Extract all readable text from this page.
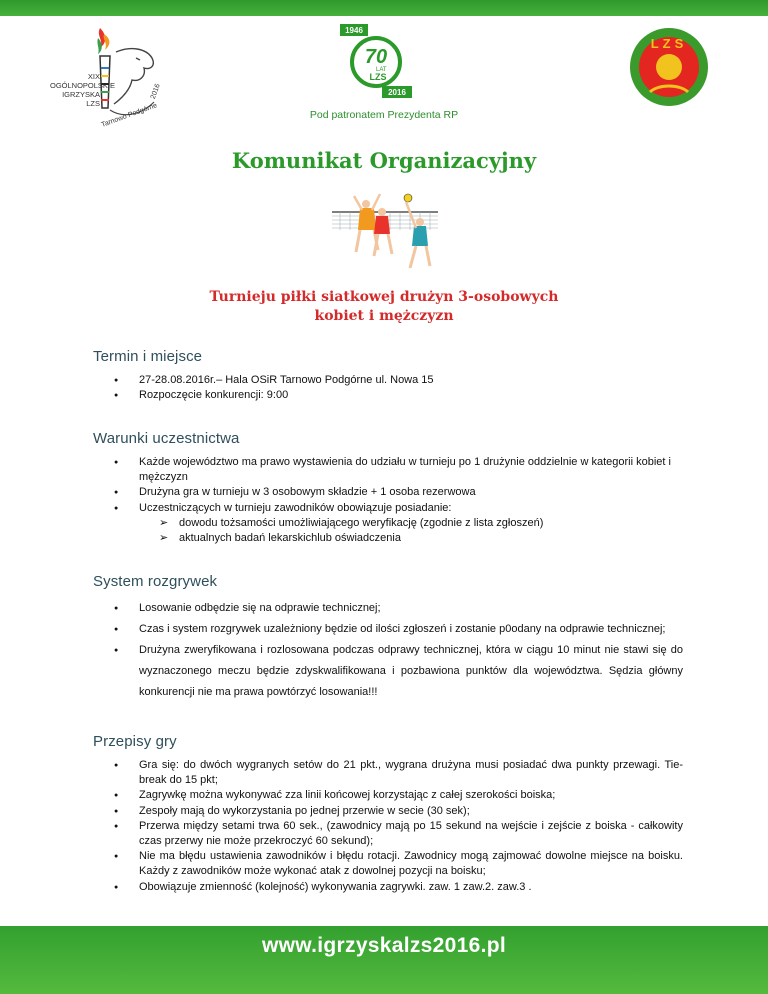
XIX
OGÓLNOPOLSKIE
IGRZYSKA
LZS
2016
Tarnowo Podgórne
1946
70
LAT
LZS
2016
Pod patronatem Prezydenta RP
LZS
Komunikat Organizacyjny
Turnieju piłki siatkowej drużyn 3-osobowych
kobiet i mężczyzn
Termin i miejsce
● 27-28.08.2016r.– Hala OSiR Tarnowo Podgórne ul. Nowa 15
● Rozpoczęcie konkurencji: 9:00
Warunki uczestnictwa
● Każde województwo ma prawo wystawienia do udziału w turnieju po 1 drużynie oddzielnie w kategorii kobiet i mężczyzn
● Drużyna gra w turnieju w 3 osobowym składzie + 1 osoba rezerwowa
● Uczestniczących w turnieju zawodników obowiązuje posiadanie:
➢ dowodu tożsamości umożliwiającego weryfikację (zgodnie z lista zgłoszeń)
➢ aktualnych badań lekarskichlub oświadczenia
System rozgrywek
● Losowanie odbędzie się na odprawie technicznej;
● Czas i system rozgrywek uzależniony będzie od ilości zgłoszeń i zostanie p0odany na odprawie technicznej;
● Drużyna zweryfikowana i rozlosowana podczas odprawy technicznej, która w ciągu 10 minut nie stawi się do wyznaczonego meczu będzie zdyskwalifikowana i pozbawiona punktów dla województwa. Sędzia główny konkurencji nie ma prawa powtórzyć losowania!!!
Przepisy gry
● Gra się: do dwóch wygranych setów do 21 pkt., wygrana drużyna musi posiadać dwa punkty przewagi. Tie-break do 15 pkt;
● Zagrywkę można wykonywać zza linii końcowej korzystając z całej szerokości boiska;
● Zespoły mają do wykorzystania po jednej przerwie w secie (30 sek);
● Przerwa między setami trwa 60 sek., (zawodnicy mają po 15 sekund na wejście i zejście z boiska - całkowity czas przerwy nie może przekroczyć 60 sekund);
● Nie ma błędu ustawienia zawodników i błędu rotacji. Zawodnicy mogą zajmować dowolne miejsce na boisku. Każdy z zawodników może wykonać atak z dowolnej pozycji na boisku;
● Obowiązuje zmienność (kolejność) wykonywania zagrywki. zaw. 1 zaw.2. zaw.3 .
www.igrzyskalzs2016.pl
